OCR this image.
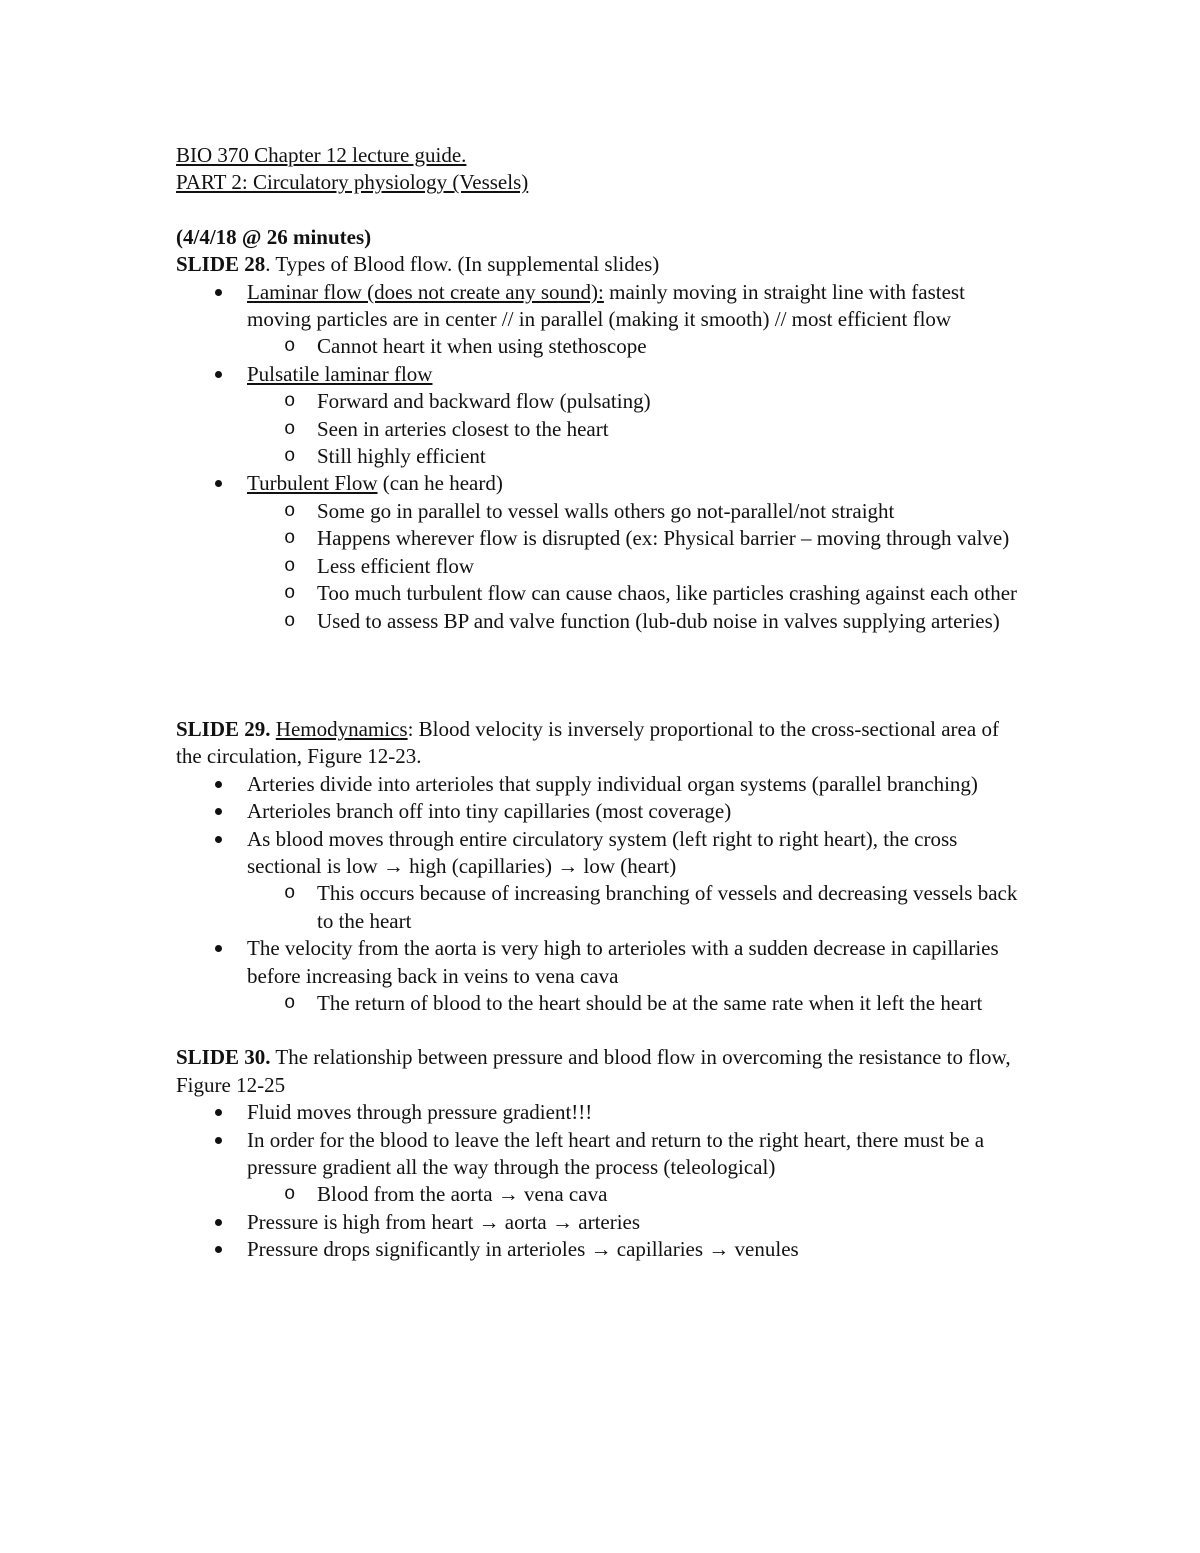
BIO 370 Chapter 12 lecture guide.
PART 2: Circulatory physiology (Vessels)
(4/4/18 @ 26 minutes)
SLIDE 28. Types of Blood flow. (In supplemental slides)
Laminar flow (does not create any sound): mainly moving in straight line with fastest moving particles are in center // in parallel (making it smooth) // most efficient flow
o Cannot heart it when using stethoscope
Pulsatile laminar flow
o Forward and backward flow (pulsating)
o Seen in arteries closest to the heart
o Still highly efficient
Turbulent Flow (can he heard)
o Some go in parallel to vessel walls others go not-parallel/not straight
o Happens wherever flow is disrupted (ex: Physical barrier – moving through valve)
o Less efficient flow
o Too much turbulent flow can cause chaos, like particles crashing against each other
o Used to assess BP and valve function (lub-dub noise in valves supplying arteries)
SLIDE 29. Hemodynamics: Blood velocity is inversely proportional to the cross-sectional area of the circulation, Figure 12-23.
Arteries divide into arterioles that supply individual organ systems (parallel branching)
Arterioles branch off into tiny capillaries (most coverage)
As blood moves through entire circulatory system (left right to right heart), the cross sectional is low → high (capillaries) → low (heart)
o This occurs because of increasing branching of vessels and decreasing vessels back to the heart
The velocity from the aorta is very high to arterioles with a sudden decrease in capillaries before increasing back in veins to vena cava
o The return of blood to the heart should be at the same rate when it left the heart
SLIDE 30. The relationship between pressure and blood flow in overcoming the resistance to flow, Figure 12-25
Fluid moves through pressure gradient!!!
In order for the blood to leave the left heart and return to the right heart, there must be a pressure gradient all the way through the process (teleological)
o Blood from the aorta → vena cava
Pressure is high from heart → aorta → arteries
Pressure drops significantly in arterioles → capillaries → venules
